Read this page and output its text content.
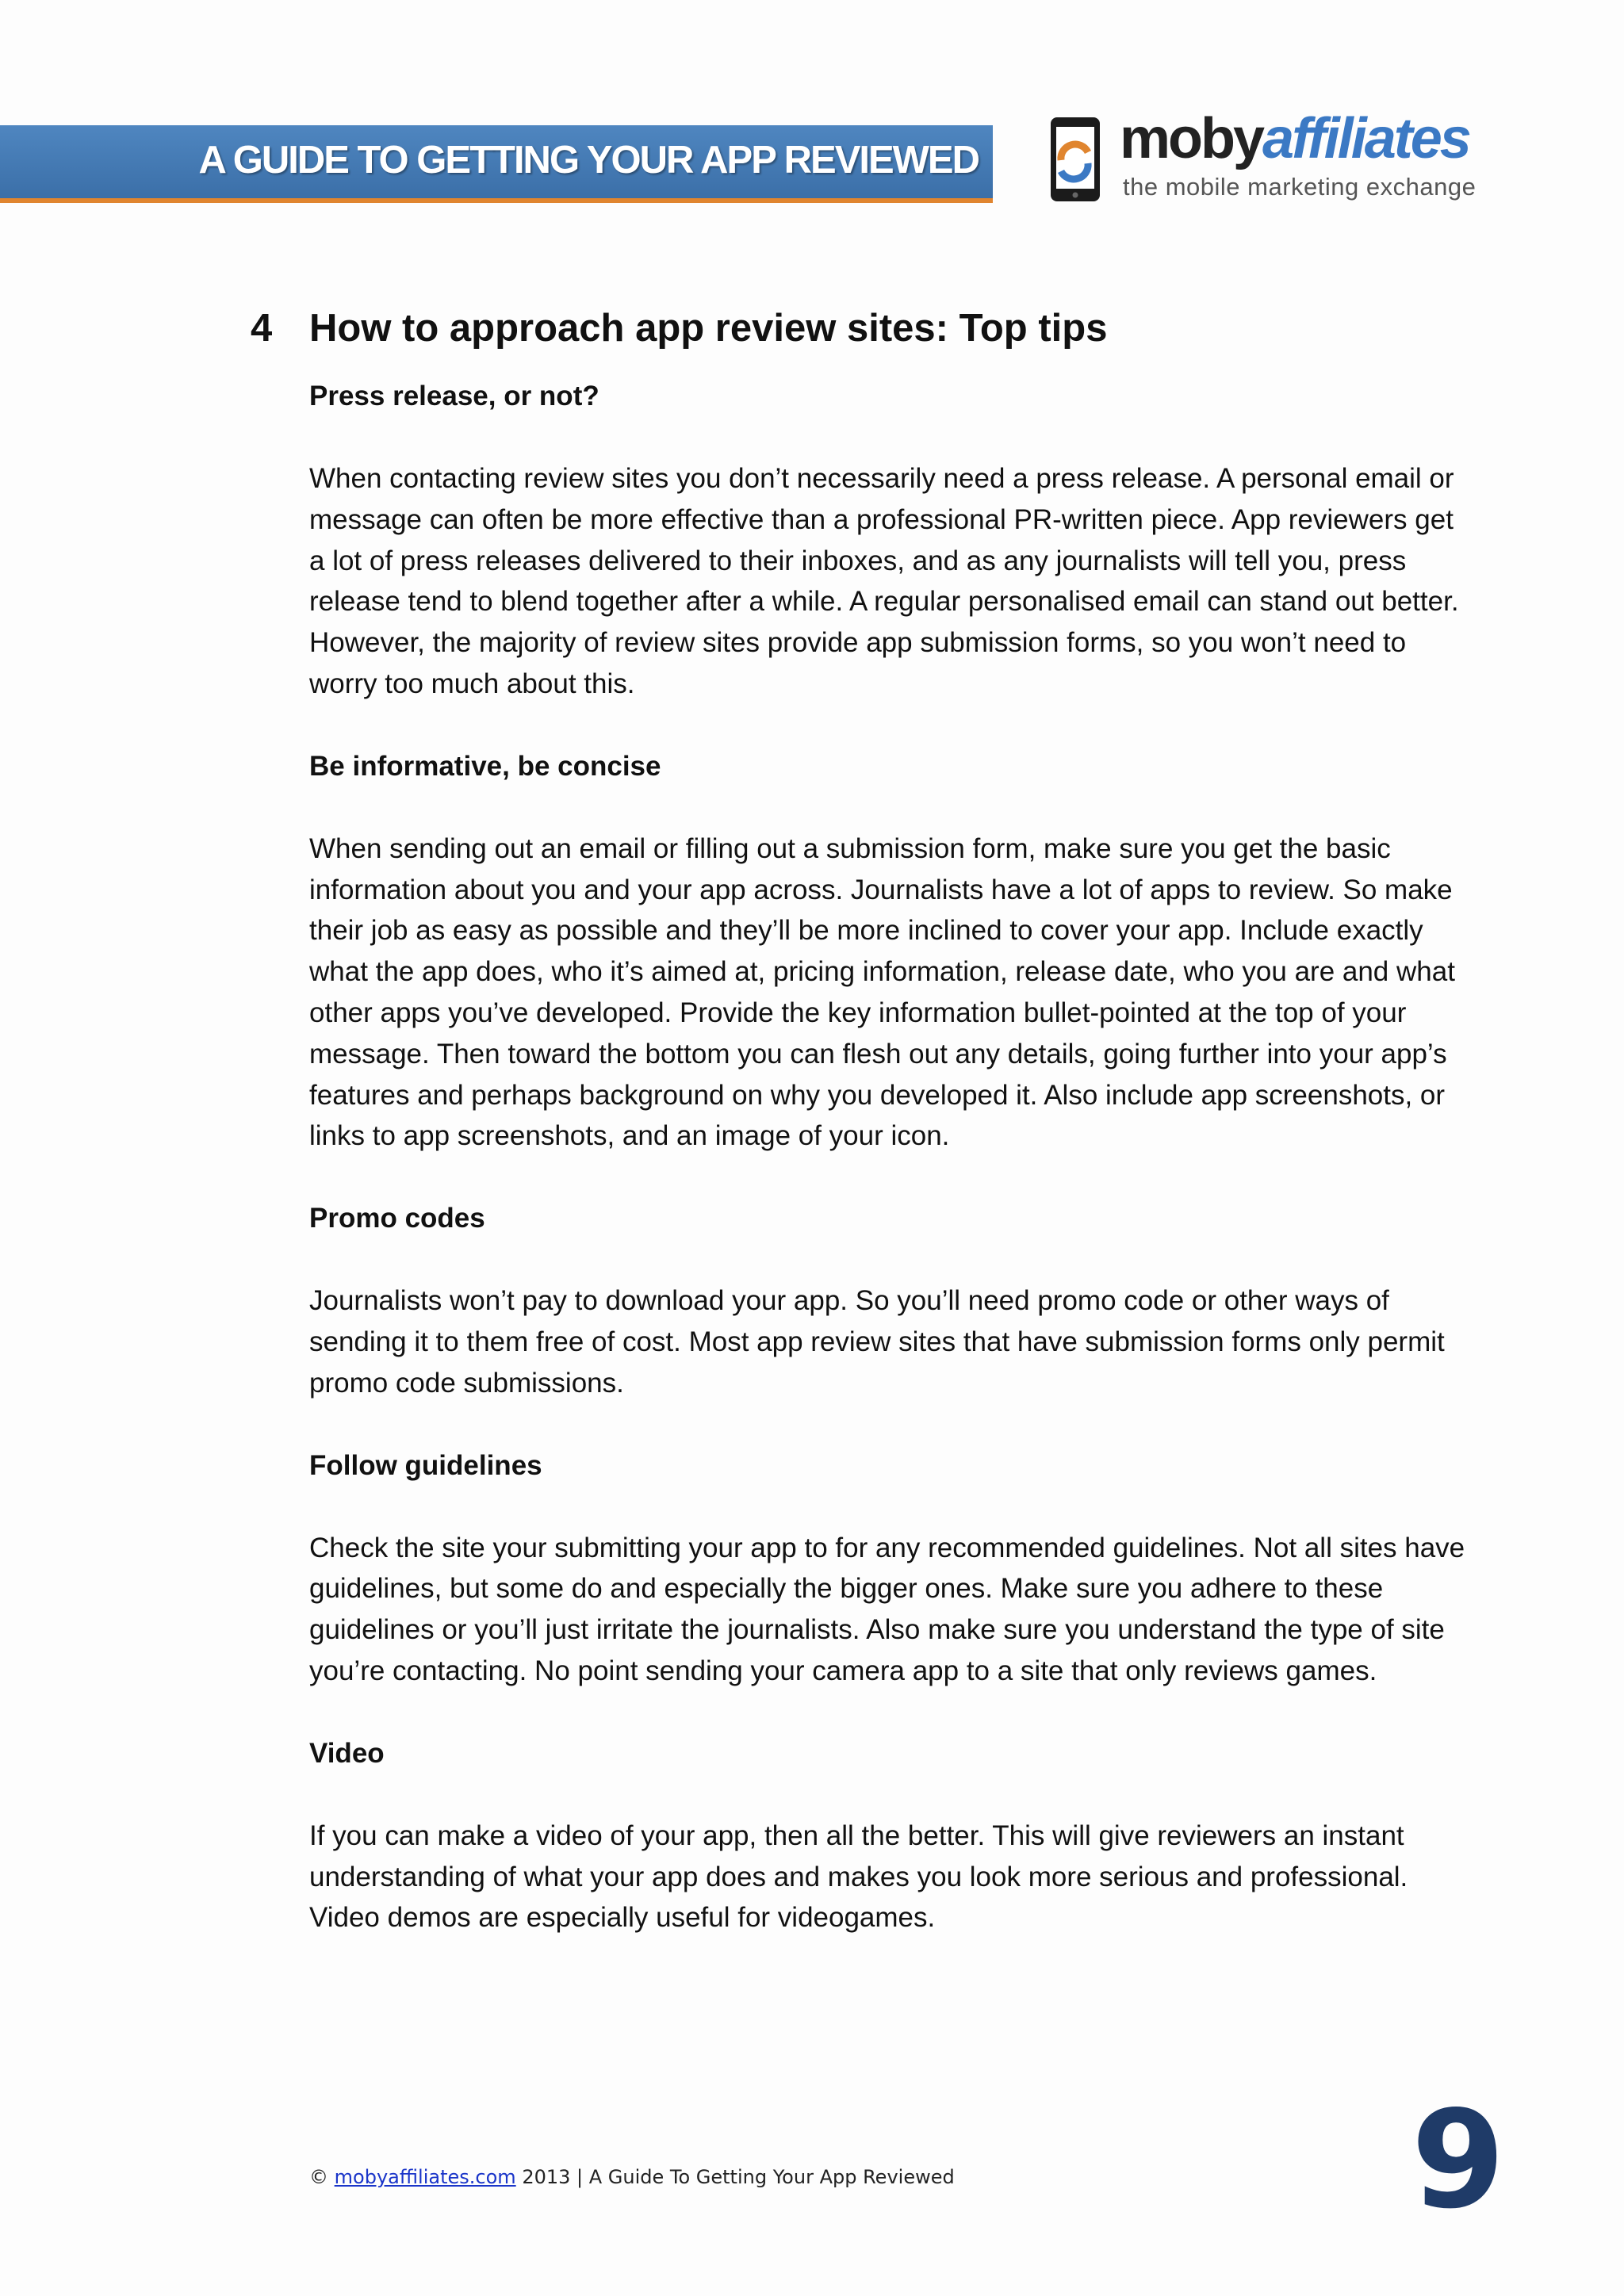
A GUIDE TO GETTING YOUR APP REVIEWED mobyaffiliates
the mobile marketing exchange
4 How to approach app review sites: Top tips

Press release, or not?

When contacting review sites you don’t necessarily need a press release. A personal email or
message can often be more effective than a professional PR-written piece. App reviewers get
a lot of press releases delivered to their inboxes, and as any journalists will tell you, press
release tend to blend together after a while. A regular personalised email can stand out better.
However, the majority of review sites provide app submission forms, so you won’t need to
worry too much about this.

Be informative, be concise

When sending out an email or filling out a submission form, make sure you get the basic
information about you and your app across. Journalists have a lot of apps to review. So make
their job as easy as possible and they’ll be more inclined to cover your app. Include exactly
what the app does, who it’s aimed at, pricing information, release date, who you are and what
other apps you’ve developed. Provide the key information bullet-pointed at the top of your
message. Then toward the bottom you can flesh out any details, going further into your app’s
features and perhaps background on why you developed it. Also include app screenshots, or
links to app screenshots, and an image of your icon.

Promo codes

Journalists won’t pay to download your app. So you’ll need promo code or other ways of
sending it to them free of cost. Most app review sites that have submission forms only permit
promo code submissions.

Follow guidelines

Check the site your submitting your app to for any recommended guidelines. Not all sites have
guidelines, but some do and especially the bigger ones. Make sure you adhere to these
guidelines or you’ll just irritate the journalists. Also make sure you understand the type of site
you’re contacting. No point sending your camera app to a site that only reviews games.

Video

If you can make a video of your app, then all the better. This will give reviewers an instant
understanding of what your app does and makes you look more serious and professional.
Video demos are especially useful for videogames.

© mobyaffiliates.com 2013 | A Guide To Getting Your App Reviewed	9
